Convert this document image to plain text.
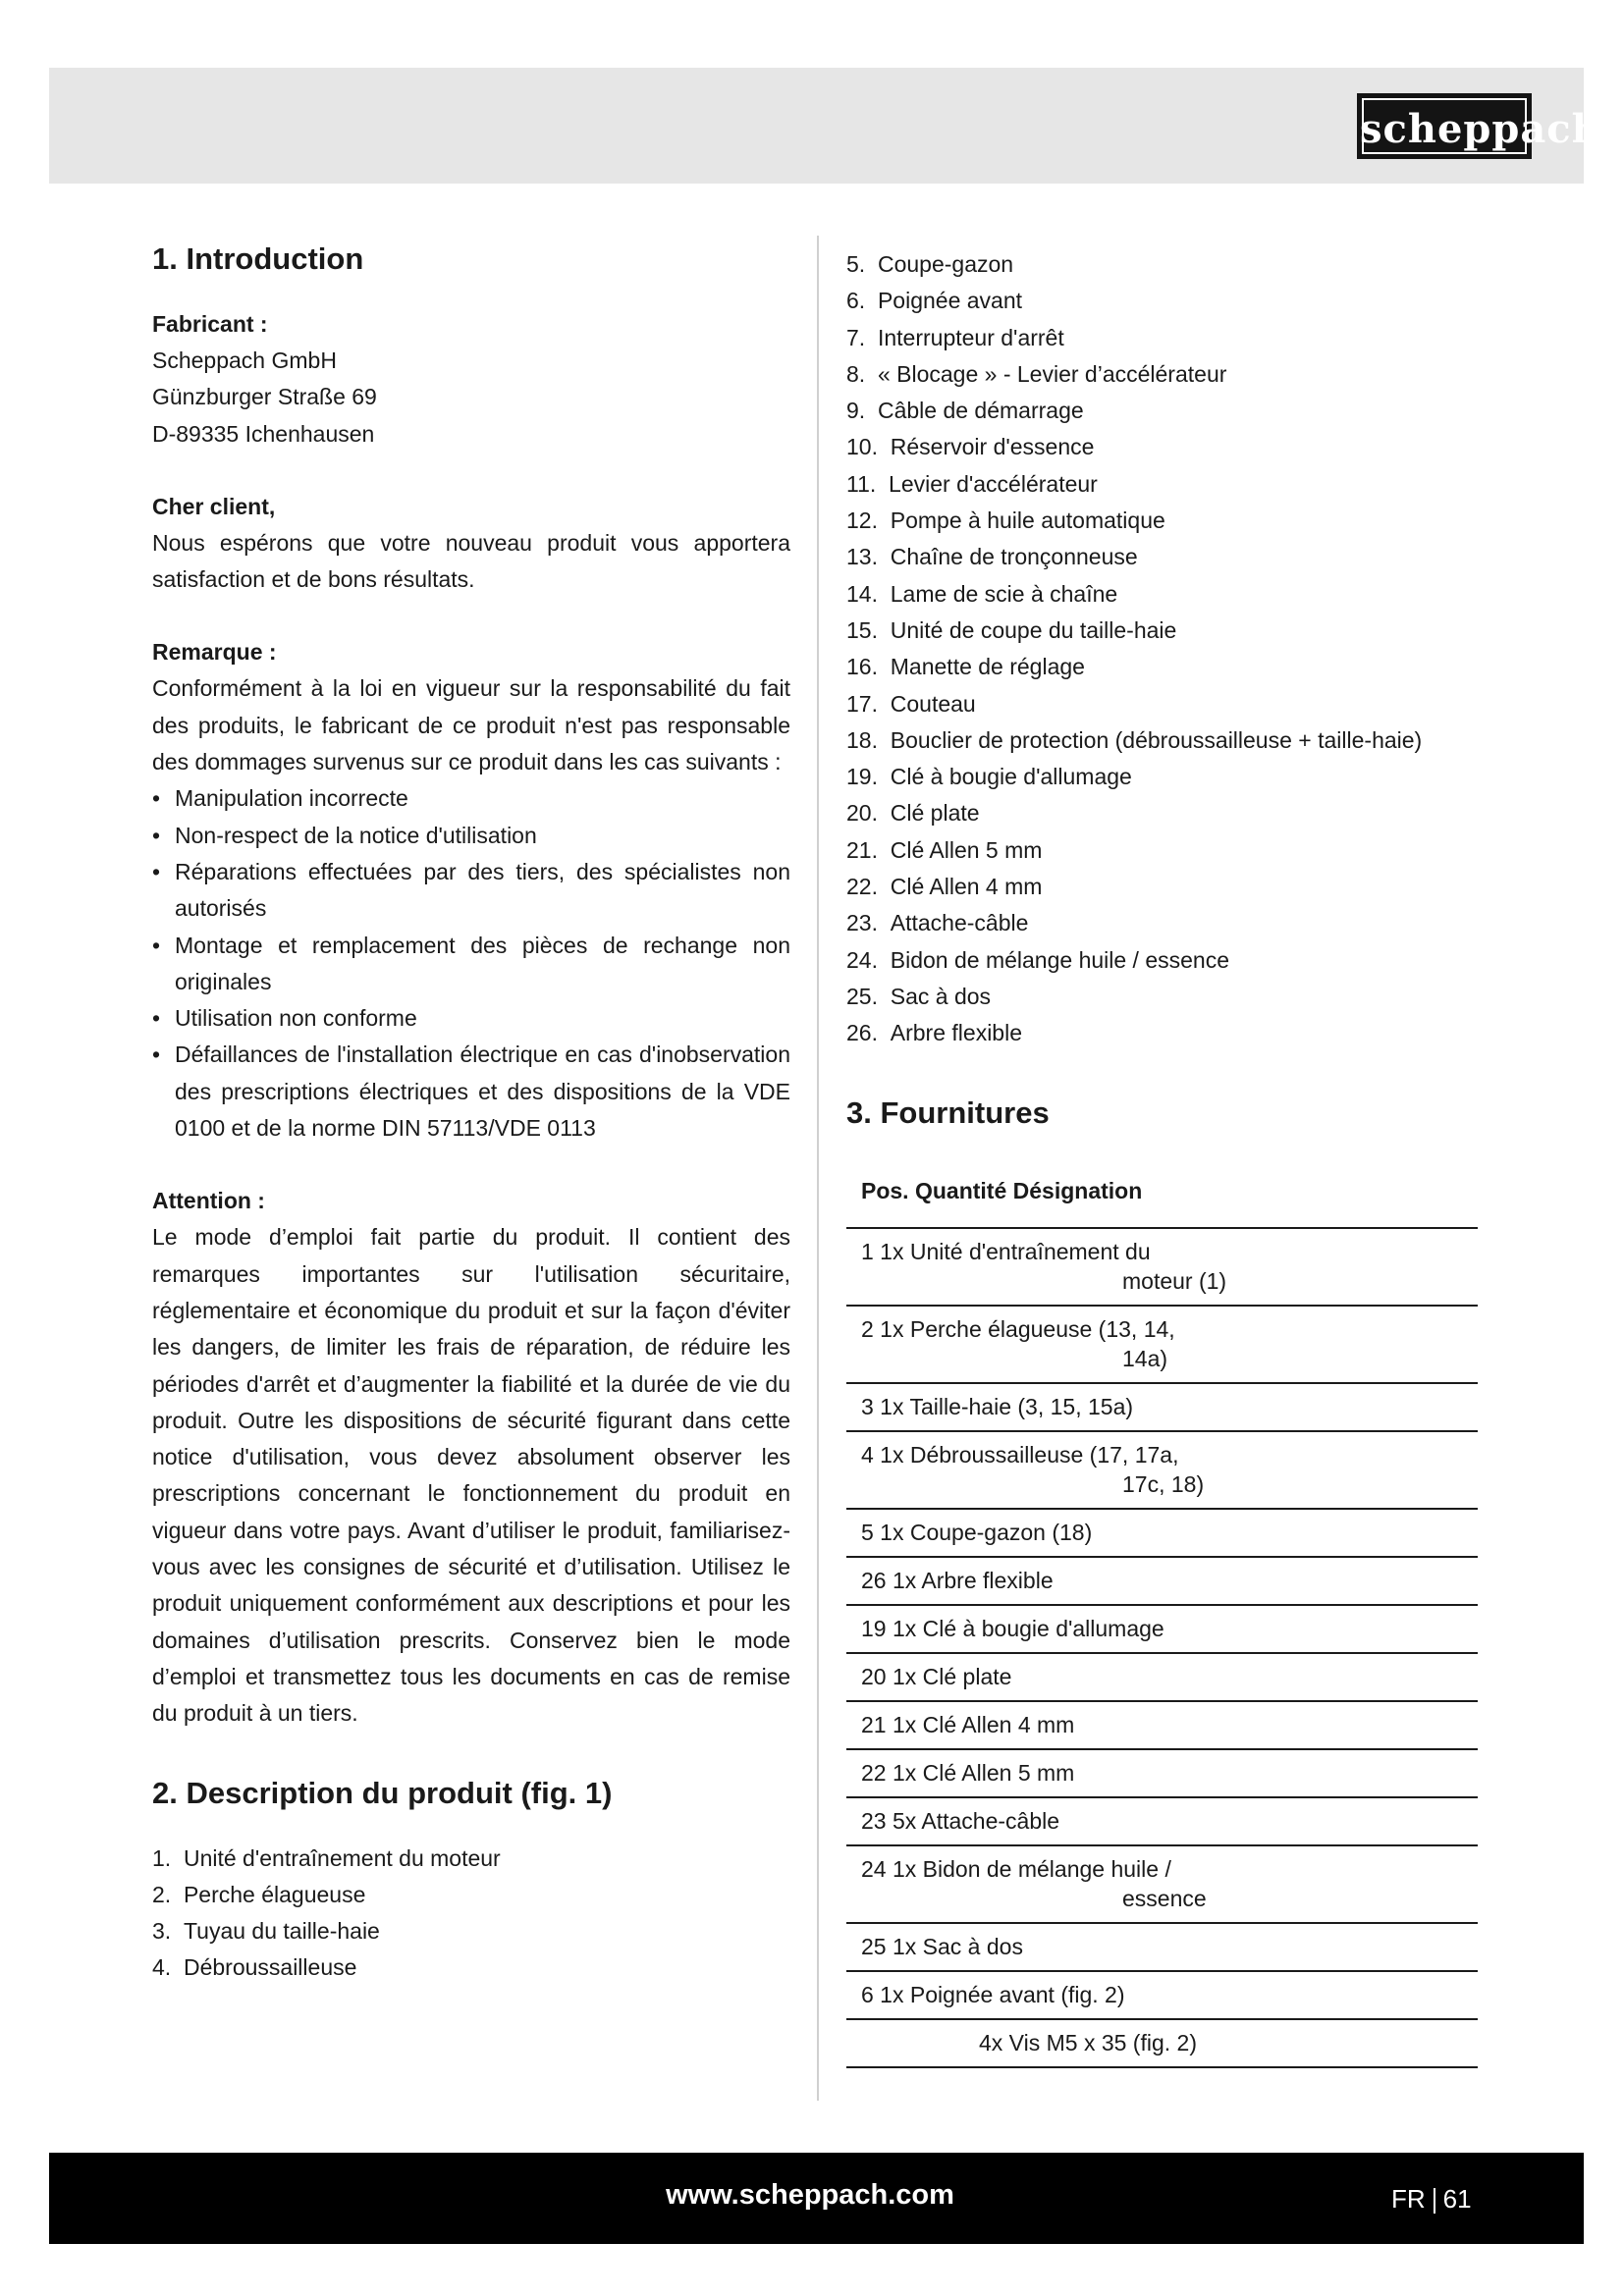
scheppach
1. Introduction
Fabricant :
Scheppach GmbH
Günzburger Straße 69
D-89335 Ichenhausen
Cher client,
Nous espérons que votre nouveau produit vous apportera satisfaction et de bons résultats.
Remarque :
Conformément à la loi en vigueur sur la responsabilité du fait des produits, le fabricant de ce produit n'est pas responsable des dommages survenus sur ce produit dans les cas suivants :
• Manipulation incorrecte
• Non-respect de la notice d'utilisation
• Réparations effectuées par des tiers, des spécialistes non autorisés
• Montage et remplacement des pièces de rechange non originales
• Utilisation non conforme
• Défaillances de l'installation électrique en cas d'inobservation des prescriptions électriques et des dispositions de la VDE 0100 et de la norme DIN 57113/VDE 0113
Attention :
Le mode d’emploi fait partie du produit. Il contient des remarques importantes sur l'utilisation sécuritaire, réglementaire et économique du produit et sur la façon d'éviter les dangers, de limiter les frais de réparation, de réduire les périodes d'arrêt et d’augmenter la fiabilité et la durée de vie du produit. Outre les dispositions de sécurité figurant dans cette notice d'utilisation, vous devez absolument observer les prescriptions concernant le fonctionnement du produit en vigueur dans votre pays. Avant d’utiliser le produit, familiarisez-vous avec les consignes de sécurité et d’utilisation. Utilisez le produit uniquement conformément aux descriptions et pour les domaines d’utilisation prescrits. Conservez bien le mode d’emploi et transmettez tous les documents en cas de remise du produit à un tiers.
2. Description du produit (fig. 1)
1. Unité d'entraînement du moteur
2. Perche élagueuse
3. Tuyau du taille-haie
4. Débroussailleuse
5. Coupe-gazon
6. Poignée avant
7. Interrupteur d'arrêt
8. « Blocage » - Levier d’accélérateur
9. Câble de démarrage
10. Réservoir d'essence
11. Levier d'accélérateur
12. Pompe à huile automatique
13. Chaîne de tronçonneuse
14. Lame de scie à chaîne
15. Unité de coupe du taille-haie
16. Manette de réglage
17. Couteau
18. Bouclier de protection (débroussailleuse + taille-haie)
19. Clé à bougie d'allumage
20. Clé plate
21. Clé Allen 5 mm
22. Clé Allen 4 mm
23. Attache-câble
24. Bidon de mélange huile / essence
25. Sac à dos
26. Arbre flexible
3. Fournitures
Pos. Quantité Désignation
1 1x Unité d'entraînement du
moteur (1)
2 1x Perche élagueuse (13, 14,
14a)
3 1x Taille-haie (3, 15, 15a)
4 1x Débroussailleuse (17, 17a,
17c, 18)
5 1x Coupe-gazon (18)
26 1x Arbre flexible
19 1x Clé à bougie d'allumage
20 1x Clé plate
21 1x Clé Allen 4 mm
22 1x Clé Allen 5 mm
23 5x Attache-câble
24 1x Bidon de mélange huile /
essence
25 1x Sac à dos
6 1x Poignée avant (fig. 2)
4x Vis M5 x 35 (fig. 2)
www.scheppach.com	FR 61
